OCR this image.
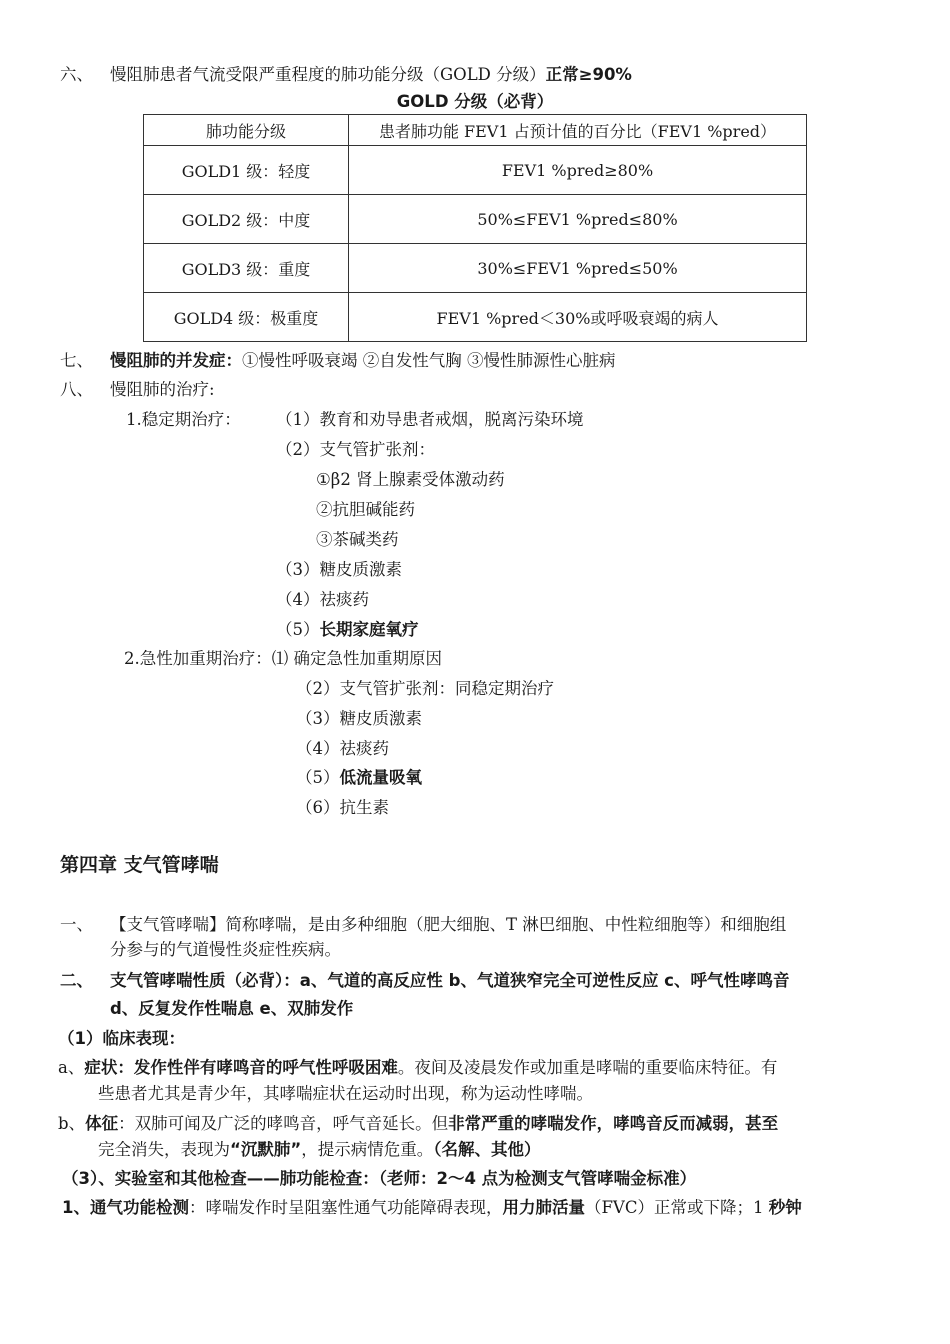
六、 慢阻肺患者气流受限严重程度的肺功能分级（GOLD 分级）正常≥90%
GOLD 分级（必背）
肺功能分级	患者肺功能 FEV1 占预计值的百分比（FEV1 %pred）
GOLD1 级：轻度	FEV1 %pred≥80%
GOLD2 级：中度	50%≤FEV1 %pred≤80%
GOLD3 级：重度	30%≤FEV1 %pred≤50%
GOLD4 级：极重度	FEV1 %pred＜30%或呼吸衰竭的病人
七、 慢阻肺的并发症：①慢性呼吸衰竭 ②自发性气胸 ③慢性肺源性心脏病
八、 慢阻肺的治疗:
1.稳定期治疗： （1）教育和劝导患者戒烟，脱离污染环境
（2）支气管扩张剂：
①β2 肾上腺素受体激动药
②抗胆碱能药
③茶碱类药
（3）糖皮质激素
（4）祛痰药
（5）长期家庭氧疗
2.急性加重期治疗：⑴ 确定急性加重期原因
（2）支气管扩张剂：同稳定期治疗
（3）糖皮质激素
（4）祛痰药
（5）低流量吸氧
（6）抗生素
第四章 支气管哮喘
一、 【支气管哮喘】简称哮喘，是由多种细胞（肥大细胞、T 淋巴细胞、中性粒细胞等）和细胞组
分参与的气道慢性炎症性疾病。
二、 支气管哮喘性质（必背）：a、气道的高反应性 b、气道狭窄完全可逆性反应 c、呼气性哮鸣音
d、反复发作性喘息 e、双肺发作
（1）临床表现：
a、症状：发作性伴有哮鸣音的呼气性呼吸困难。夜间及凌晨发作或加重是哮喘的重要临床特征。有
些患者尤其是青少年，其哮喘症状在运动时出现，称为运动性哮喘。
b、体征：双肺可闻及广泛的哮鸣音，呼气音延长。但非常严重的哮喘发作，哮鸣音反而减弱，甚至
完全消失，表现为“沉默肺”，提示病情危重。（名解、其他）
（3）、实验室和其他检查——肺功能检查：（老师：2～4 点为检测支气管哮喘金标准）
1、通气功能检测：哮喘发作时呈阻塞性通气功能障碍表现，用力肺活量（FVC）正常或下降；1 秒钟
